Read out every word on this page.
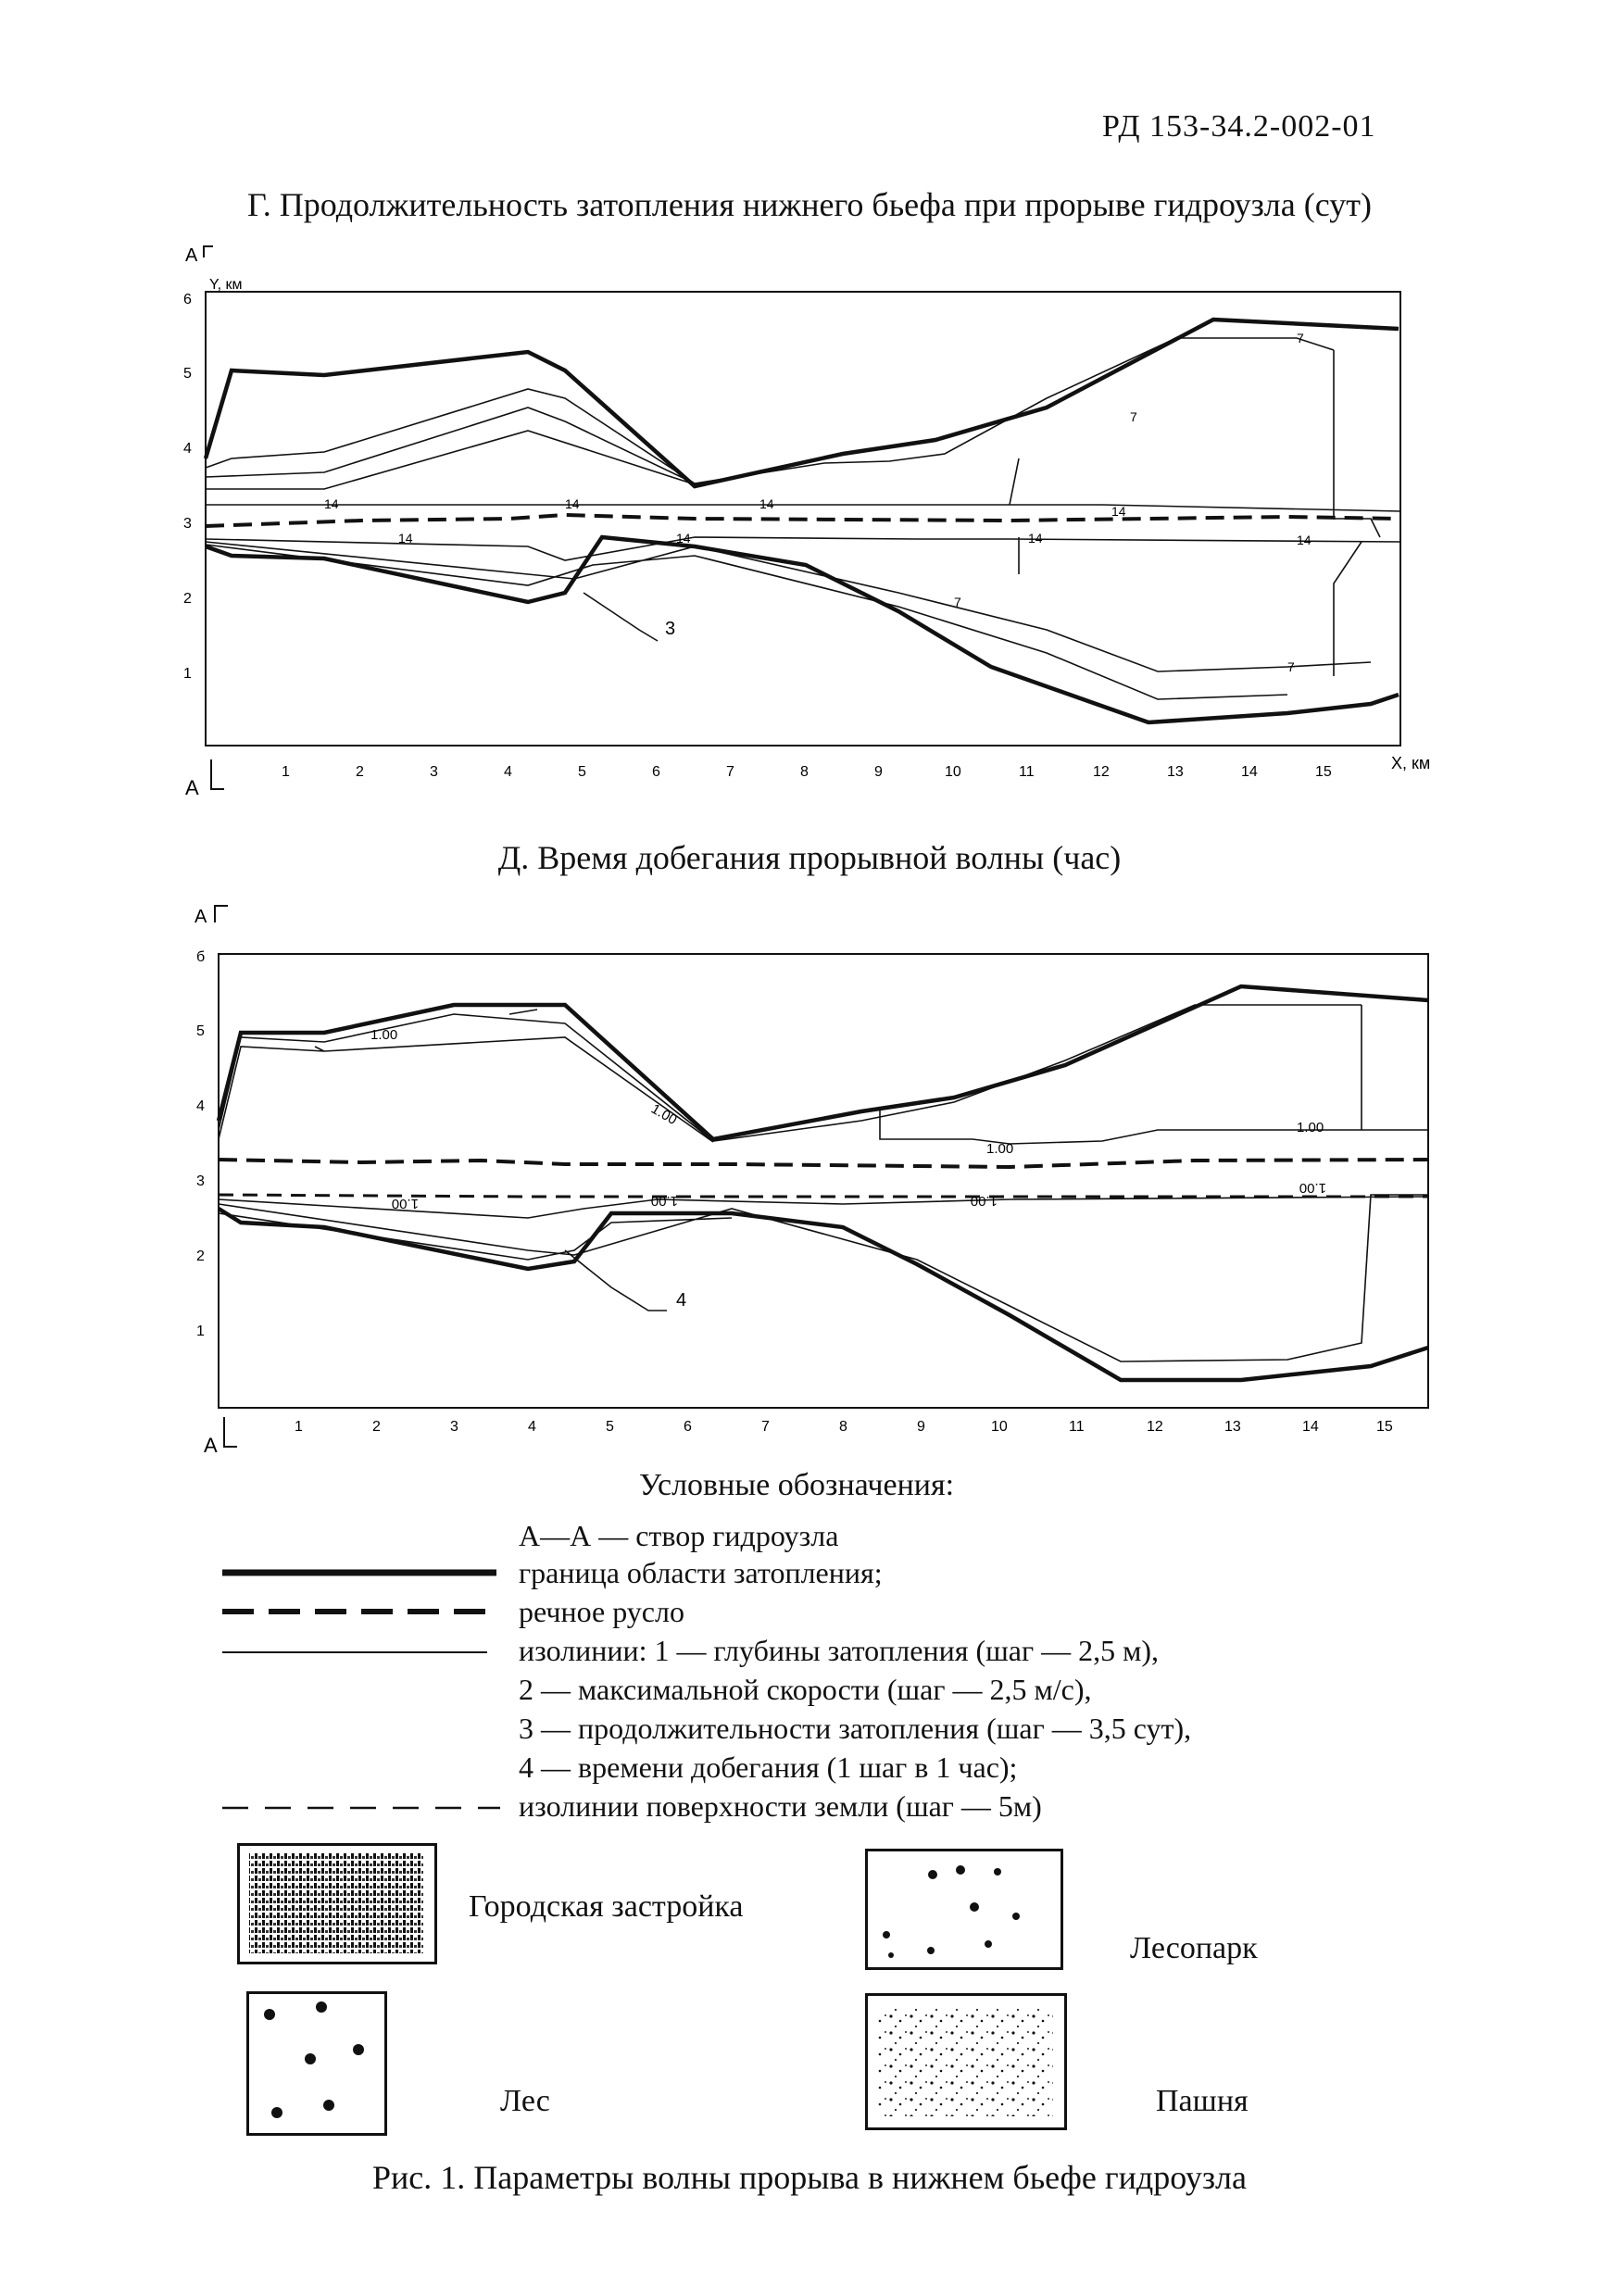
РД 153-34.2-002-01
Г. Продолжительность затопления нижнего бьефа при прорыве гидроузла (сут)
А
А
Y, км
X, км
1
2
3
4
5
6
1	2	3	4	5	6	7	8	9	10	11	12	13	14	15
14	14	14	14
14	14	14	14
7
7
7
7
3
Д. Время добегания прорывной волны (час)
А
А
1
2
3
4
5
б
1	2	3	4	5	6	7	8	9	10	11	12	13	14	15
1.00
1.00
1.00
1.00
1.00	1.00	1.00
1.00
4
Условные обозначения:
А—А — створ гидроузла
граница области затопления;
речное русло
изолинии: 1 — глубины затопления (шаг — 2,5 м),
2 — максимальной скорости (шаг — 2,5 м/с),
3 — продолжительности затопления (шаг — 3,5 сут),
4 — времени добегания (1 шаг в 1 час);
изолинии поверхности земли (шаг — 5м)
Городская застройка
Лесопарк
Лес	Пашня
Рис. 1. Параметры волны прорыва в нижнем бьефе гидроузла
